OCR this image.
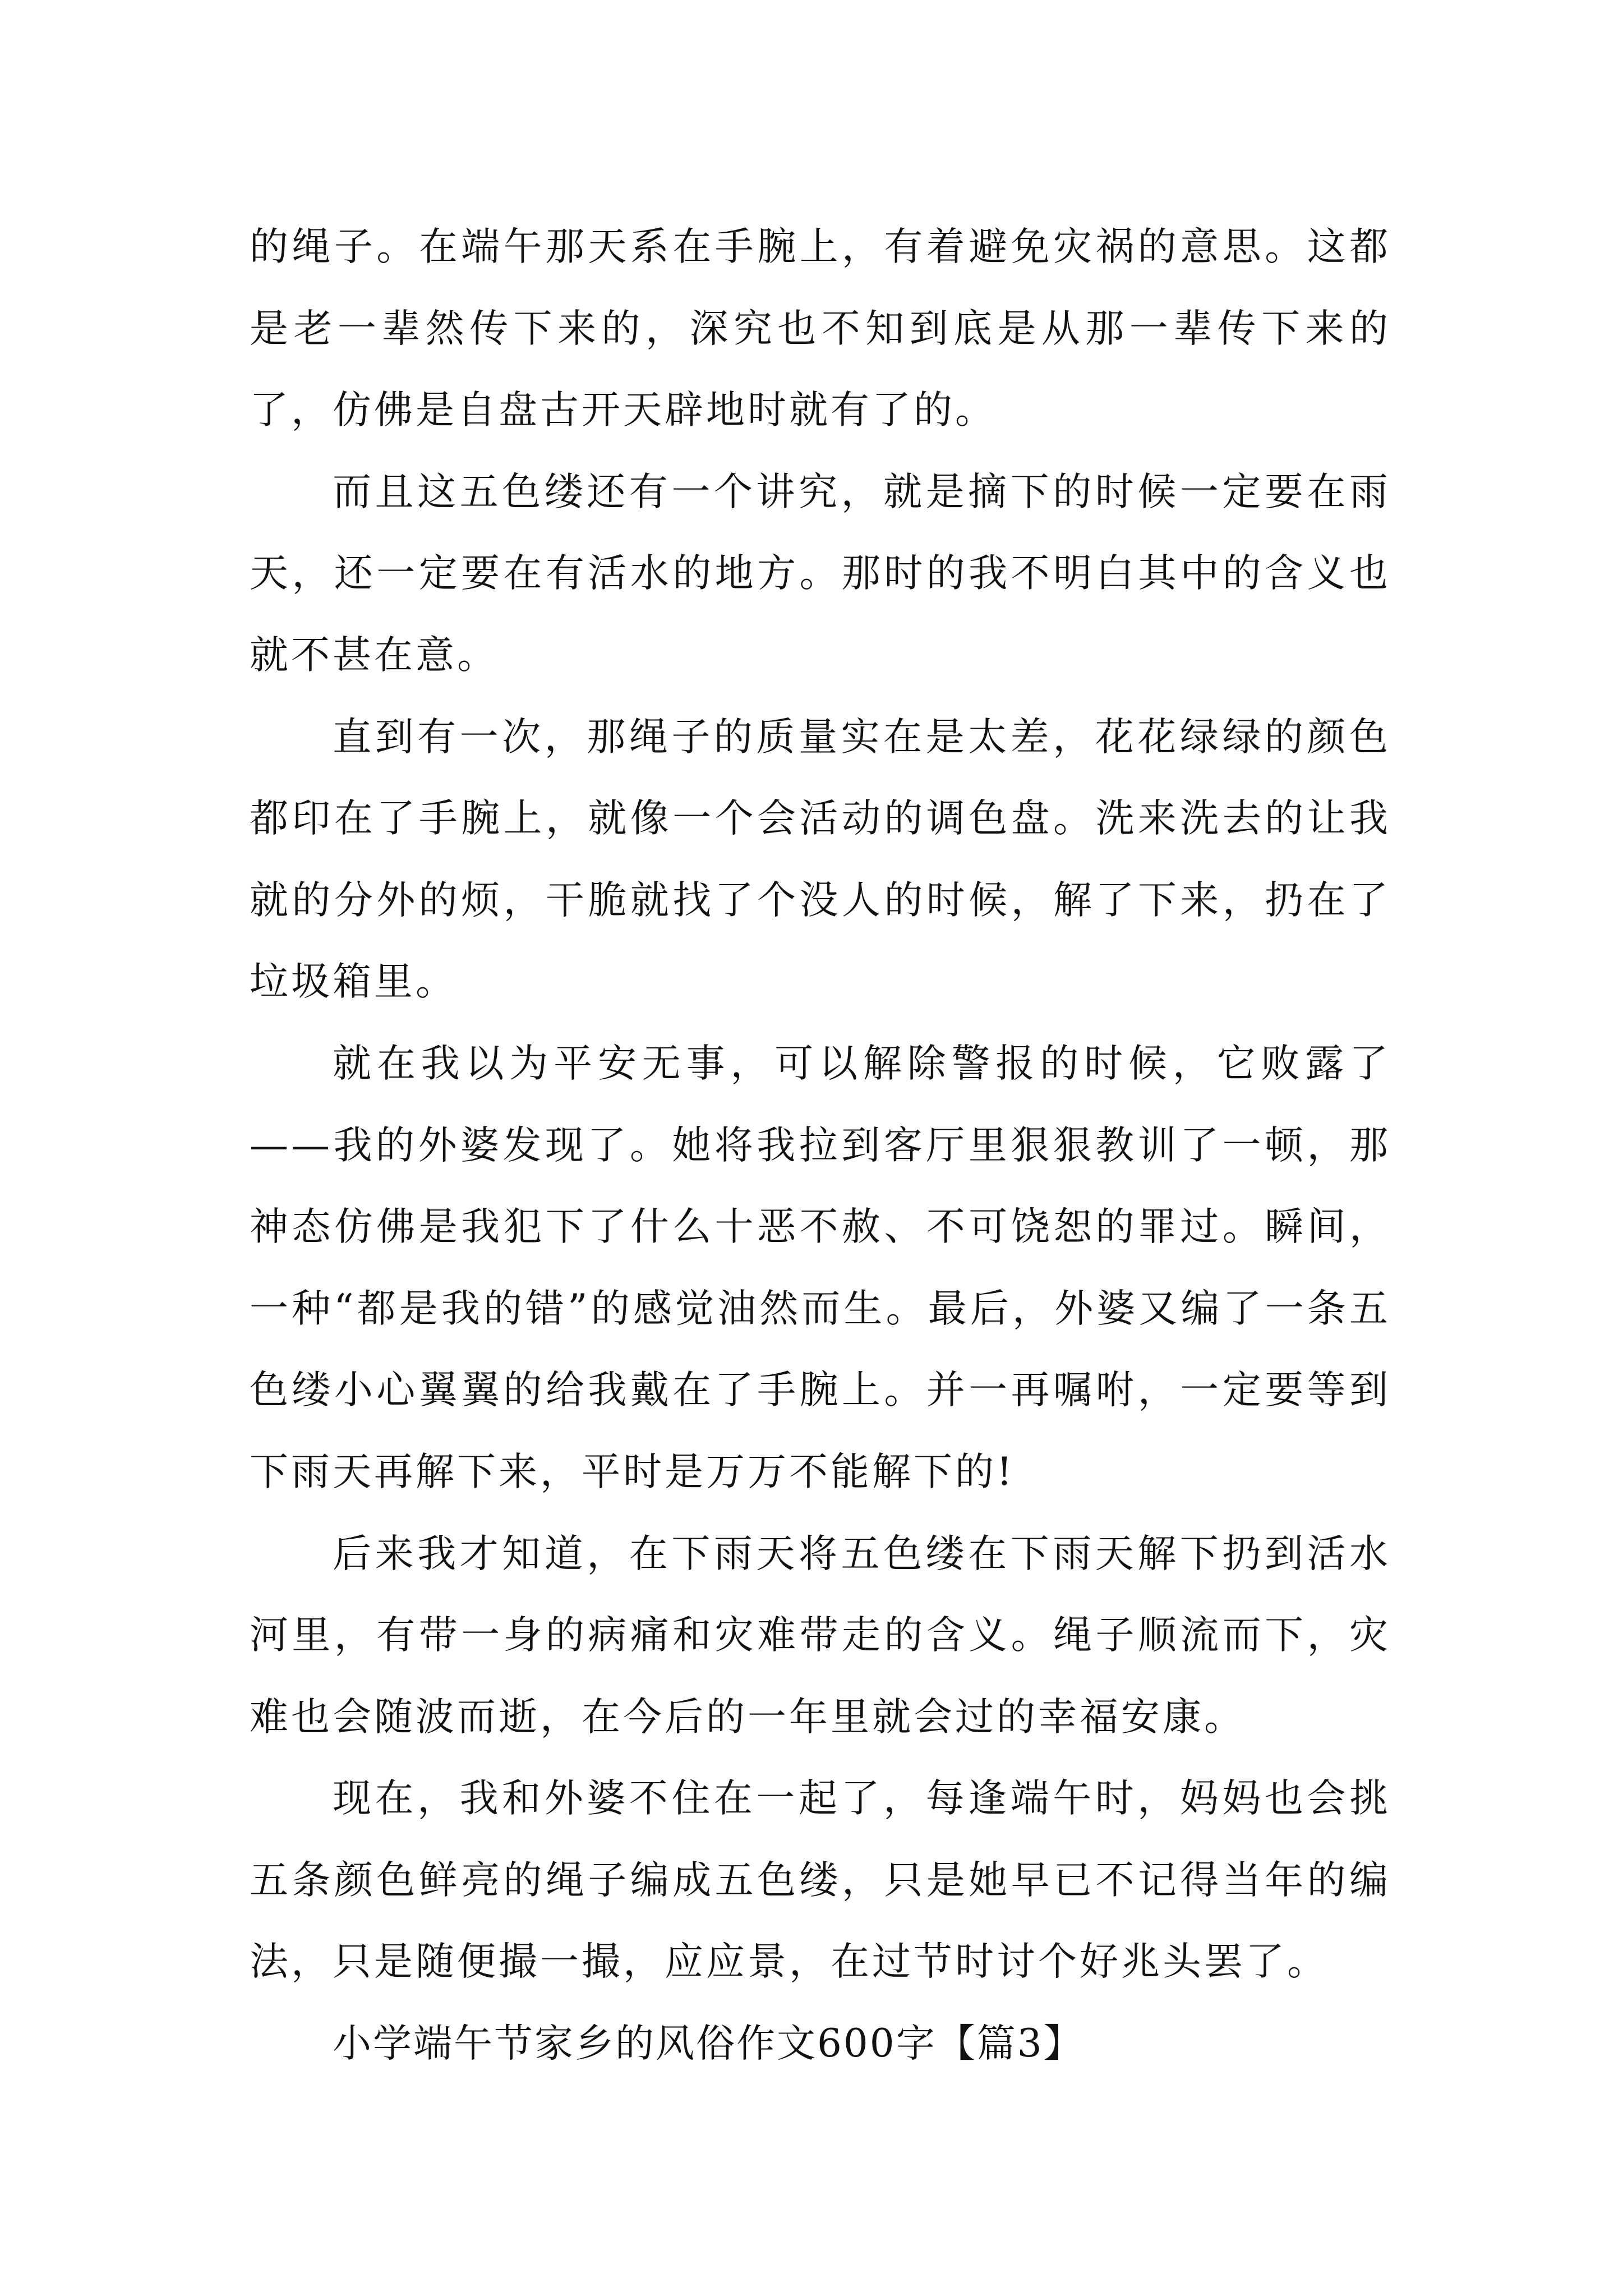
的绳子。在端午那天系在手腕上，有着避免灾祸的意思。这都是老一辈然传下来的，深究也不知到底是从那一辈传下来的了，仿佛是自盘古开天辟地时就有了的。

而且这五色缕还有一个讲究，就是摘下的时候一定要在雨天，还一定要在有活水的地方。那时的我不明白其中的含义也就不甚在意。

直到有一次，那绳子的质量实在是太差，花花绿绿的颜色都印在了手腕上，就像一个会活动的调色盘。洗来洗去的让我就的分外的烦，干脆就找了个没人的时候，解了下来，扔在了垃圾箱里。

就在我以为平安无事，可以解除警报的时候，它败露了——我的外婆发现了。她将我拉到客厅里狠狠教训了一顿，那神态仿佛是我犯下了什么十恶不赦、不可饶恕的罪过。瞬间，一种“都是我的错”的感觉油然而生。最后，外婆又编了一条五色缕小心翼翼的给我戴在了手腕上。并一再嘱咐，一定要等到下雨天再解下来，平时是万万不能解下的!

后来我才知道，在下雨天将五色缕在下雨天解下扔到活水河里，有带一身的病痛和灾难带走的含义。绳子顺流而下，灾难也会随波而逝，在今后的一年里就会过的幸福安康。

现在，我和外婆不住在一起了，每逢端午时，妈妈也会挑五条颜色鲜亮的绳子编成五色缕，只是她早已不记得当年的编法，只是随便撮一撮，应应景，在过节时讨个好兆头罢了。

小学端午节家乡的风俗作文600字【篇3】
